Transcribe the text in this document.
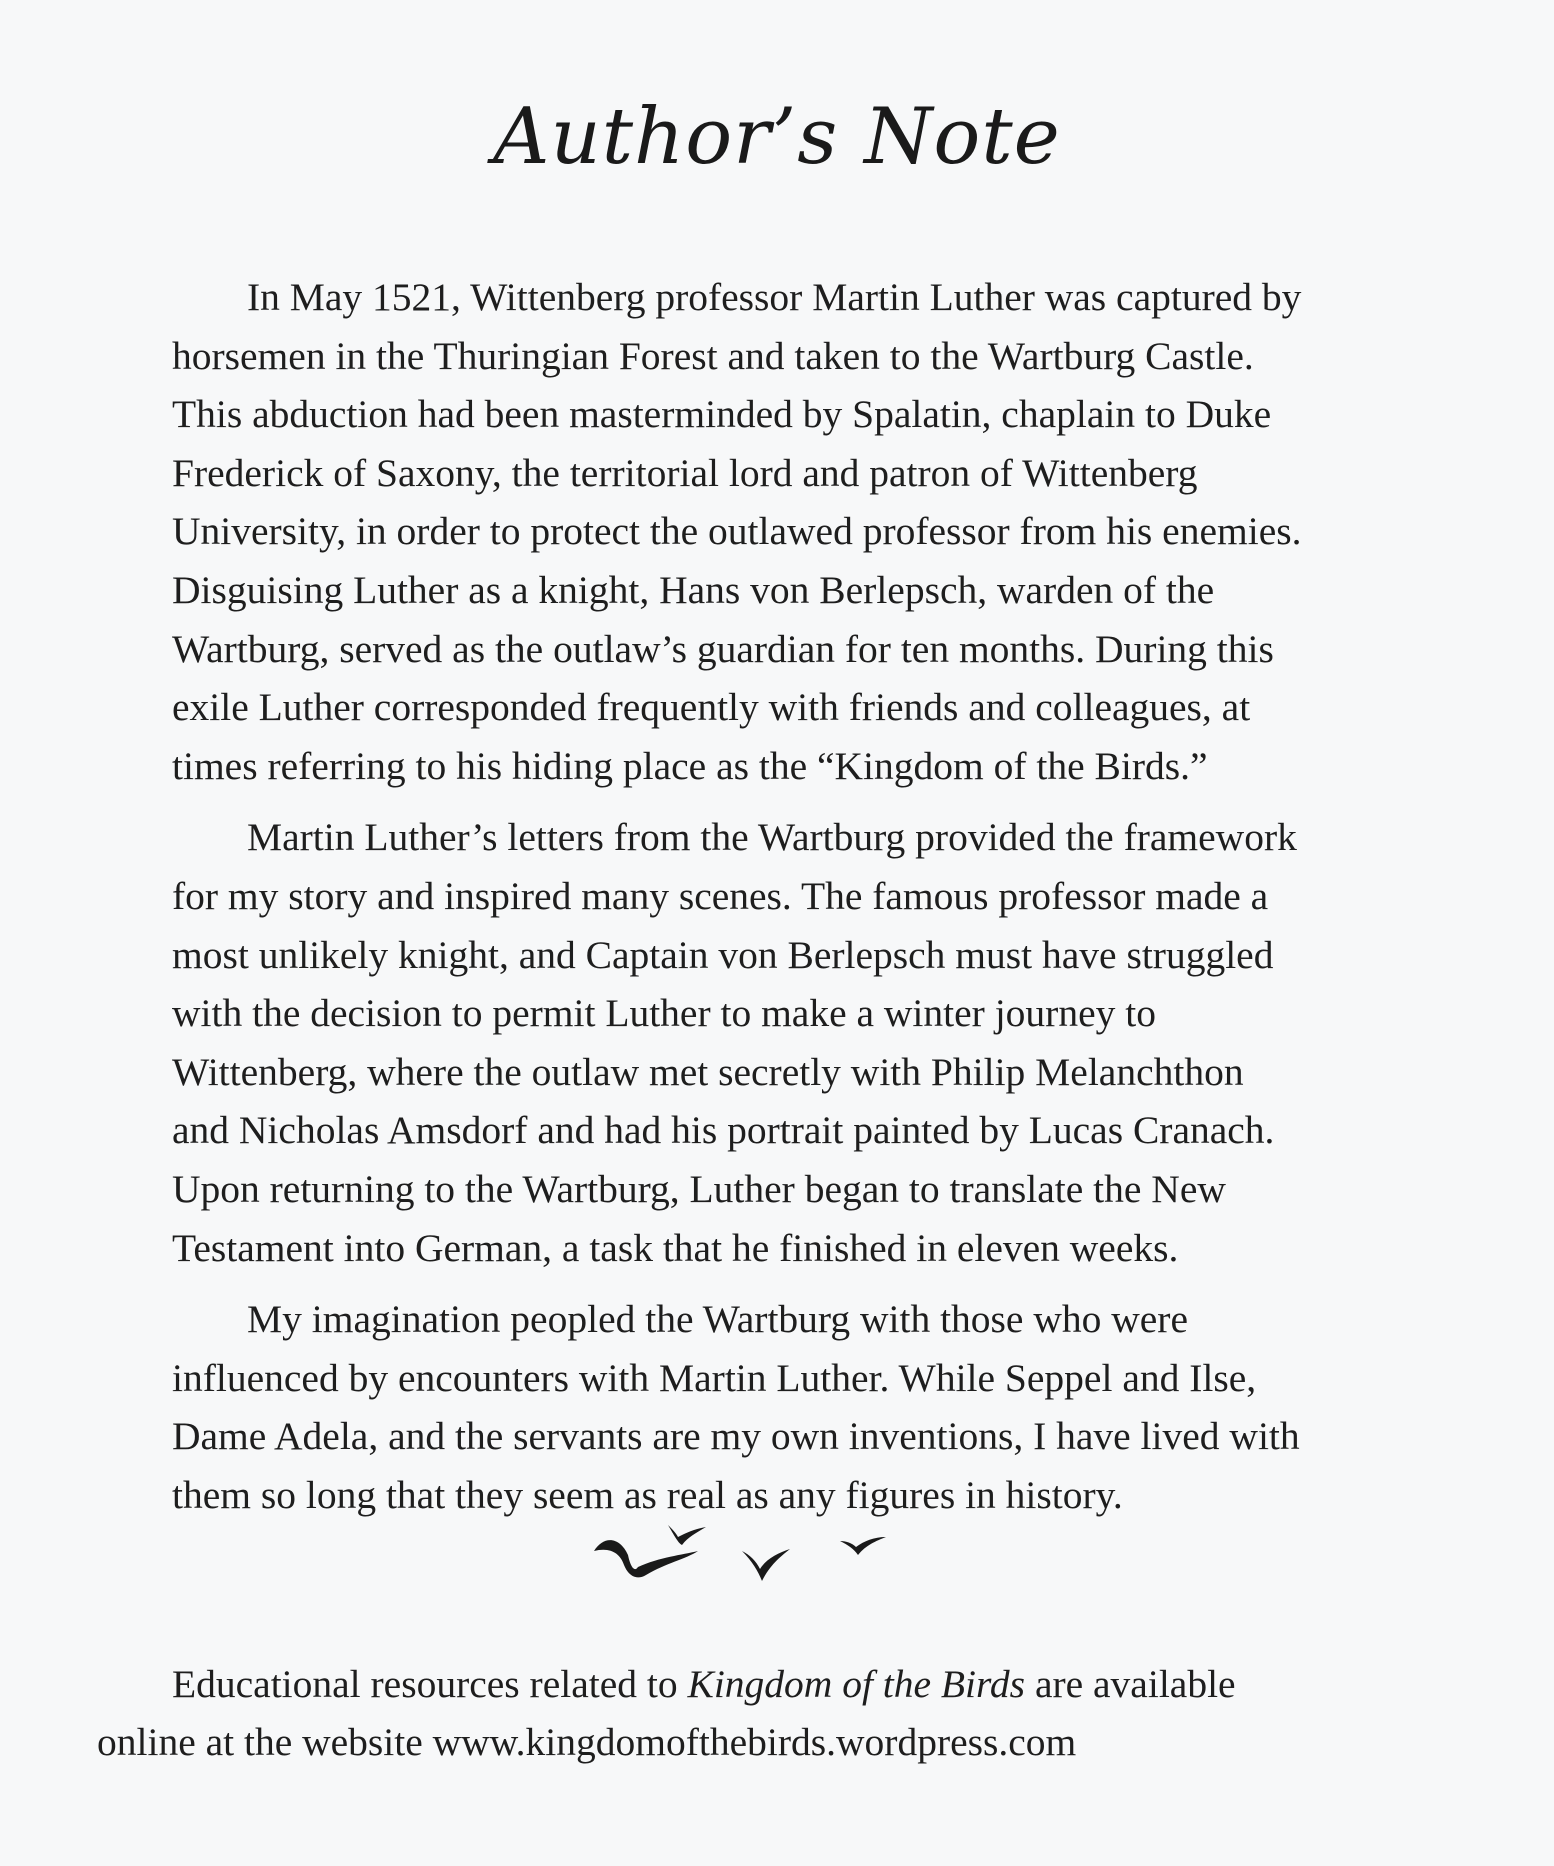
Author’s Note

In May 1521, Wittenberg professor Martin Luther was captured by
horsemen in the Thuringian Forest and taken to the Wartburg Castle.
This abduction had been masterminded by Spalatin, chaplain to Duke
Frederick of Saxony, the territorial lord and patron of Wittenberg
University, in order to protect the outlawed professor from his enemies.
Disguising Luther as a knight, Hans von Berlepsch, warden of the
Wartburg, served as the outlaw’s guardian for ten months. During this
exile Luther corresponded frequently with friends and colleagues, at
times referring to his hiding place as the “Kingdom of the Birds.”

Martin Luther’s letters from the Wartburg provided the framework
for my story and inspired many scenes. The famous professor made a
most unlikely knight, and Captain von Berlepsch must have struggled
with the decision to permit Luther to make a winter journey to
Wittenberg, where the outlaw met secretly with Philip Melanchthon
and Nicholas Amsdorf and had his portrait painted by Lucas Cranach.
Upon returning to the Wartburg, Luther began to translate the New
Testament into German, a task that he finished in eleven weeks.

My imagination peopled the Wartburg with those who were
influenced by encounters with Martin Luther. While Seppel and Ilse,
Dame Adela, and the servants are my own inventions, I have lived with
them so long that they seem as real as any figures in history.

Educational resources related to Kingdom of the Birds are available
online at the website www.kingdomofthebirds.wordpress.com
